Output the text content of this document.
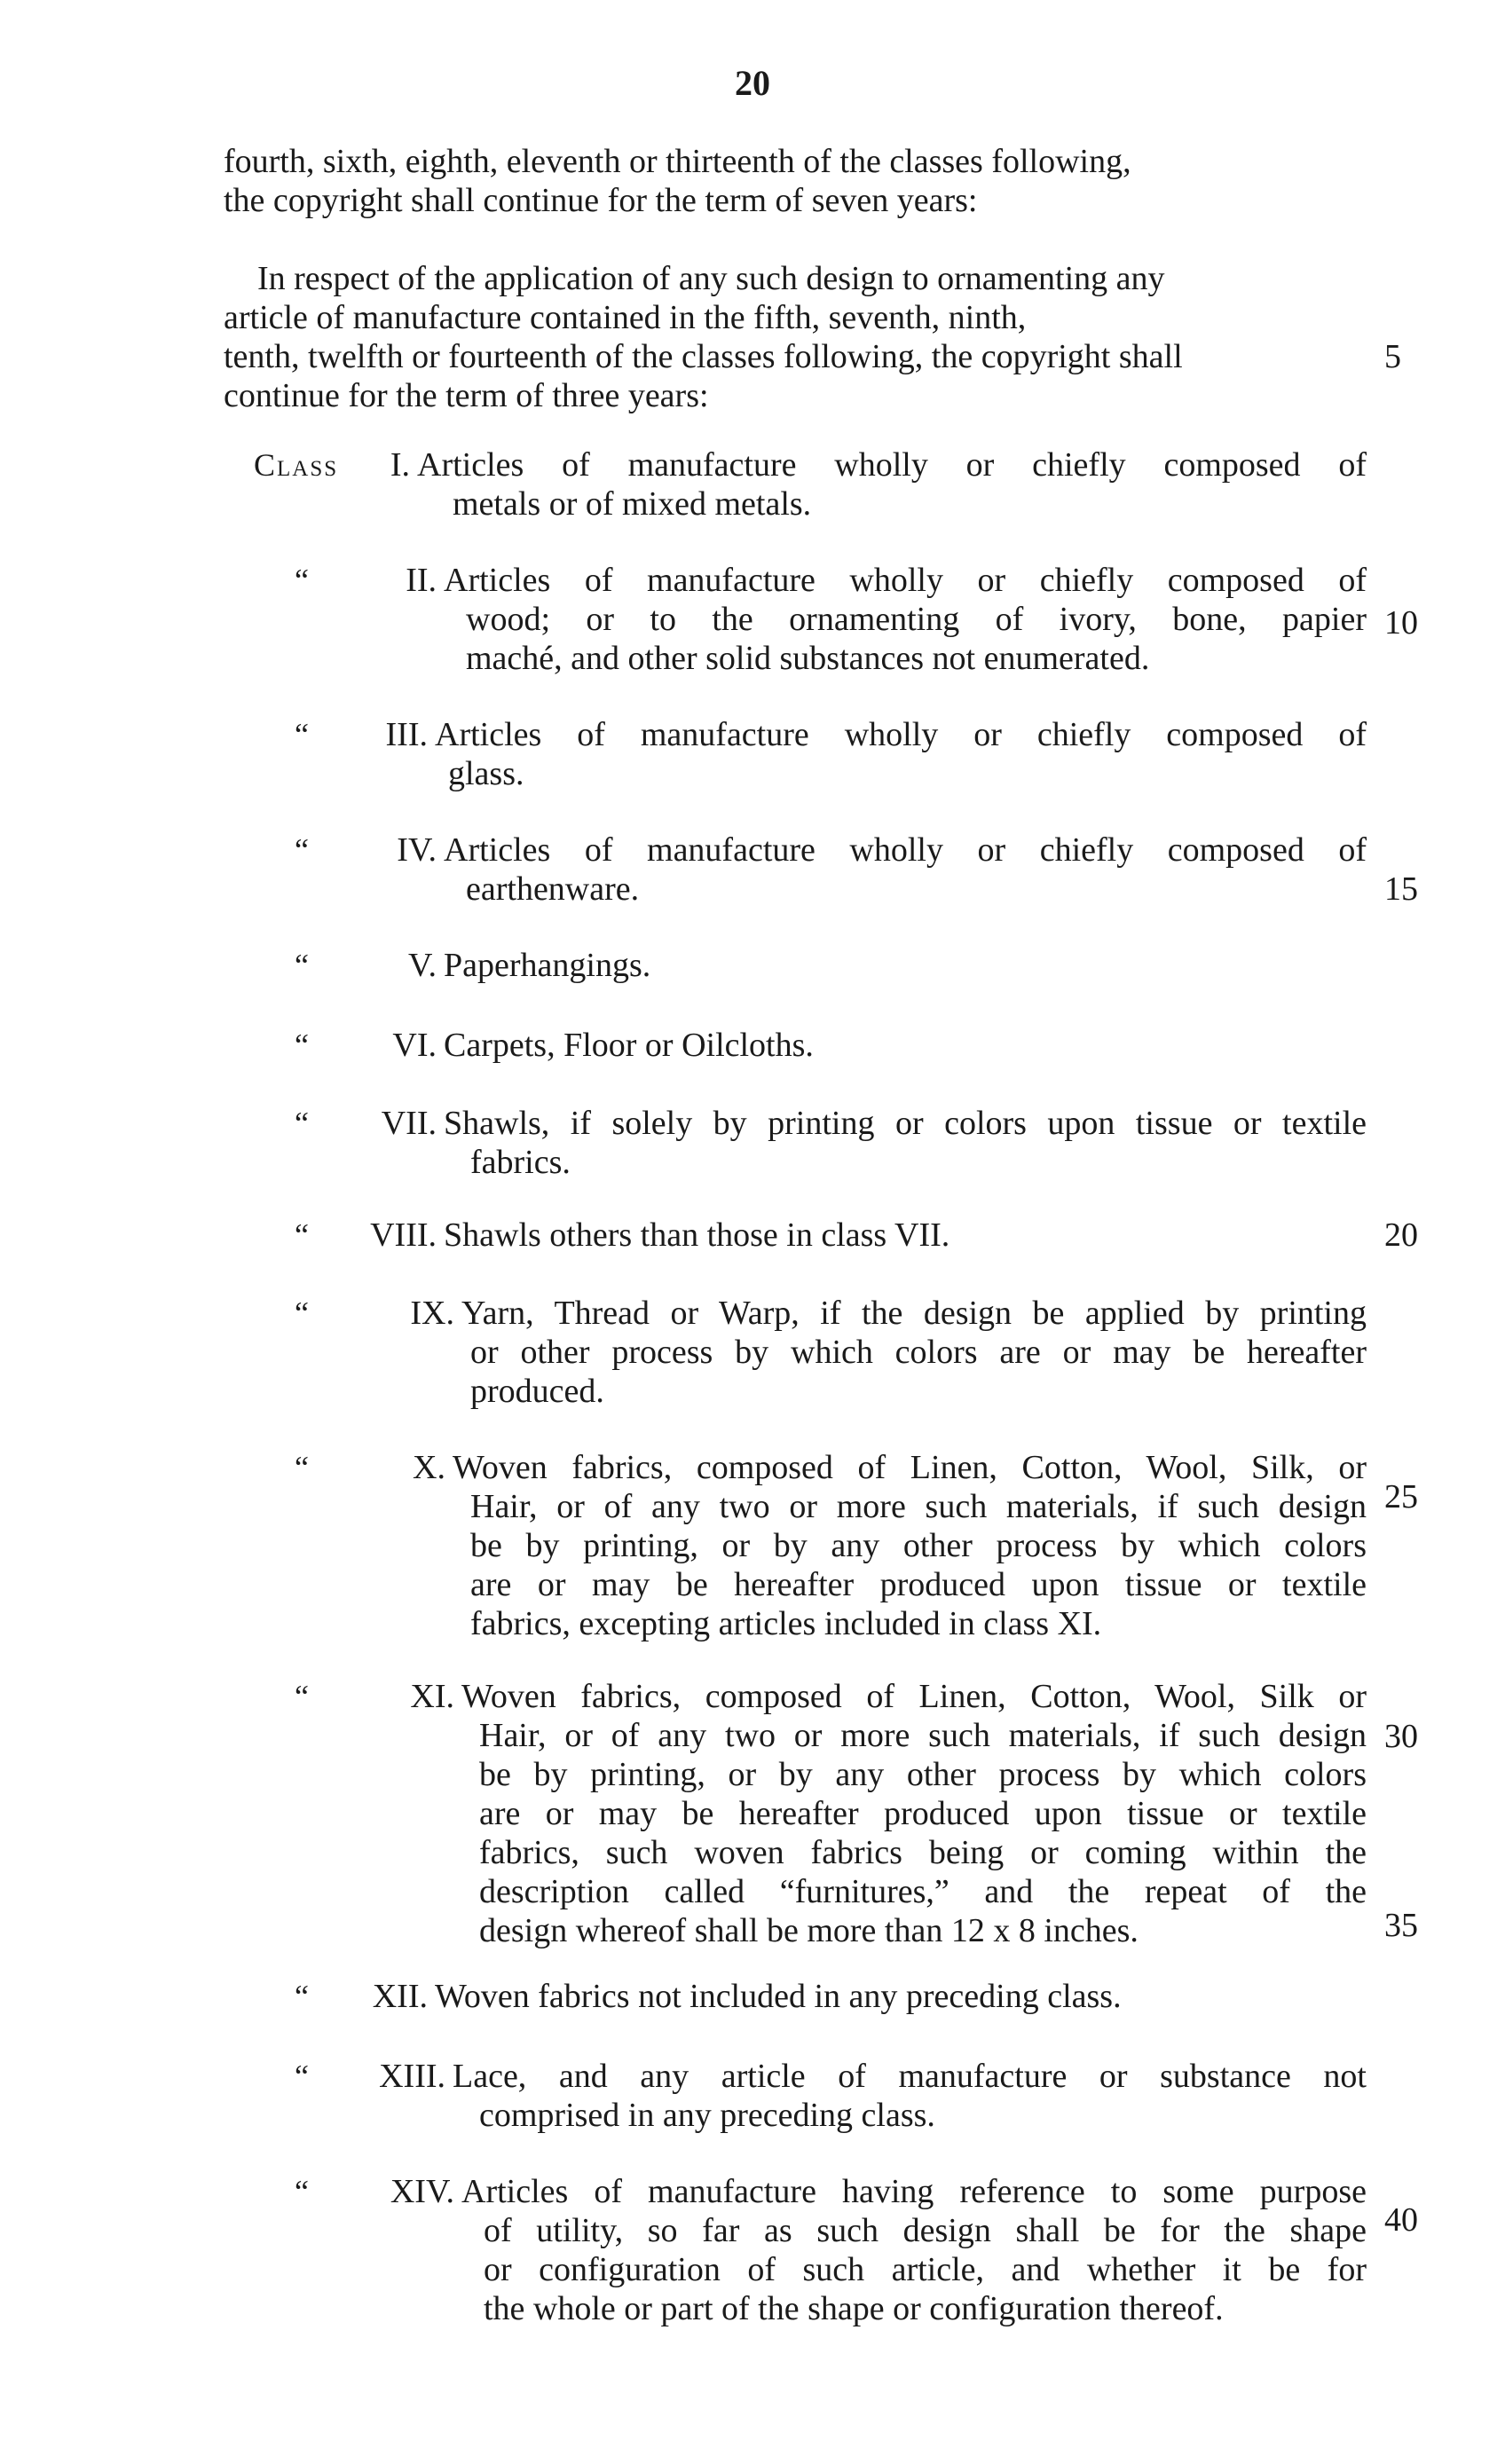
20
fourth, sixth, eighth, eleventh or thirteenth of the classes following,
the copyright shall continue for the term of seven years:
In respect of the application of any such design to ornamenting any
article of manufacture contained in the fifth, seventh, ninth,
tenth, twelfth or fourteenth of the classes following, the copyright shall
continue for the term of three years:
Class	I. Articles of manufacture wholly or chiefly composed of
metals or of mixed metals.
“	II. Articles of manufacture wholly or chiefly composed of
wood; or to the ornamenting of ivory, bone, papier
maché, and other solid substances not enumerated.
“	III. Articles of manufacture wholly or chiefly composed of
glass.
“	IV. Articles of manufacture wholly or chiefly composed of
earthenware.
“	V. Paperhangings.
“	VI. Carpets, Floor or Oilcloths.
“	VII. Shawls, if solely by printing or colors upon tissue or textile
fabrics.
“	VIII. Shawls others than those in class VII.
“	IX. Yarn, Thread or Warp, if the design be applied by printing
or other process by which colors are or may be hereafter
produced.
“	X. Woven fabrics, composed of Linen, Cotton, Wool, Silk, or
Hair, or of any two or more such materials, if such design
be by printing, or by any other process by which colors
are or may be hereafter produced upon tissue or textile
fabrics, excepting articles included in class XI.
“	XI. Woven fabrics, composed of Linen, Cotton, Wool, Silk or
Hair, or of any two or more such materials, if such design
be by printing, or by any other process by which colors
are or may be hereafter produced upon tissue or textile
fabrics, such woven fabrics being or coming within the
description called “furnitures,” and the repeat of the
design whereof shall be more than 12 x 8 inches.
“	XII. Woven fabrics not included in any preceding class.
“	XIII. Lace, and any article of manufacture or substance not
comprised in any preceding class.
“	XIV. Articles of manufacture having reference to some purpose
of utility, so far as such design shall be for the shape
or configuration of such article, and whether it be for
the whole or part of the shape or configuration thereof.
5
10
15
20
25
30
35
40
